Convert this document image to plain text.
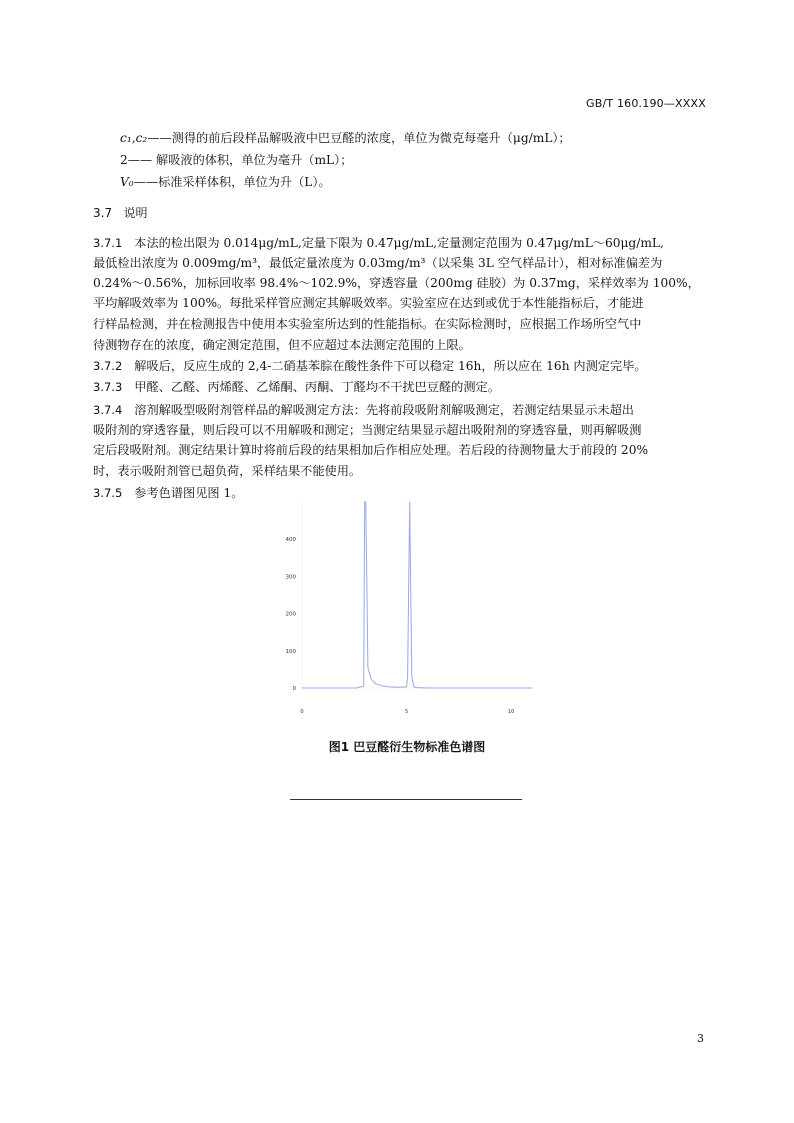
GB/T 160.190—XXXX
c₁,c₂——测得的前后段样品解吸液中巴豆醛的浓度，单位为微克每毫升（μg/mL）；
2—— 解吸液的体积，单位为毫升（mL）；
V₀——标准采样体积，单位为升（L）。
3.7 说明
3.7.1 本法的检出限为 0.014μg/mL,定量下限为 0.47μg/mL,定量测定范围为 0.47μg/mL～60μg/mL,
最低检出浓度为 0.009mg/m³，最低定量浓度为 0.03mg/m³（以采集 3L 空气样品计），相对标准偏差为
0.24%～0.56%，加标回收率 98.4%～102.9%，穿透容量（200mg 硅胶）为 0.37mg，采样效率为 100%，
平均解吸效率为 100%。每批采样管应测定其解吸效率。实验室应在达到或优于本性能指标后，才能进
行样品检测，并在检测报告中使用本实验室所达到的性能指标。在实际检测时，应根据工作场所空气中
待测物存在的浓度，确定测定范围，但不应超过本法测定范围的上限。
3.7.2 解吸后，反应生成的 2,4-二硝基苯腙在酸性条件下可以稳定 16h，所以应在 16h 内测定完毕。
3.7.3 甲醛、乙醛、丙烯醛、乙烯酮、丙酮、丁醛均不干扰巴豆醛的测定。
3.7.4 溶剂解吸型吸附剂管样品的解吸测定方法：先将前段吸附剂解吸测定，若测定结果显示未超出
吸附剂的穿透容量，则后段可以不用解吸和测定；当测定结果显示超出吸附剂的穿透容量，则再解吸测
定后段吸附剂。测定结果计算时将前后段的结果相加后作相应处理。若后段的待测物量大于前段的 20%
时，表示吸附剂管已超负荷，采样结果不能使用。
3.7.5 参考色谱图见图 1。
0
100
200
300
400
0	5	10
图1 巴豆醛衍生物标准色谱图
3
